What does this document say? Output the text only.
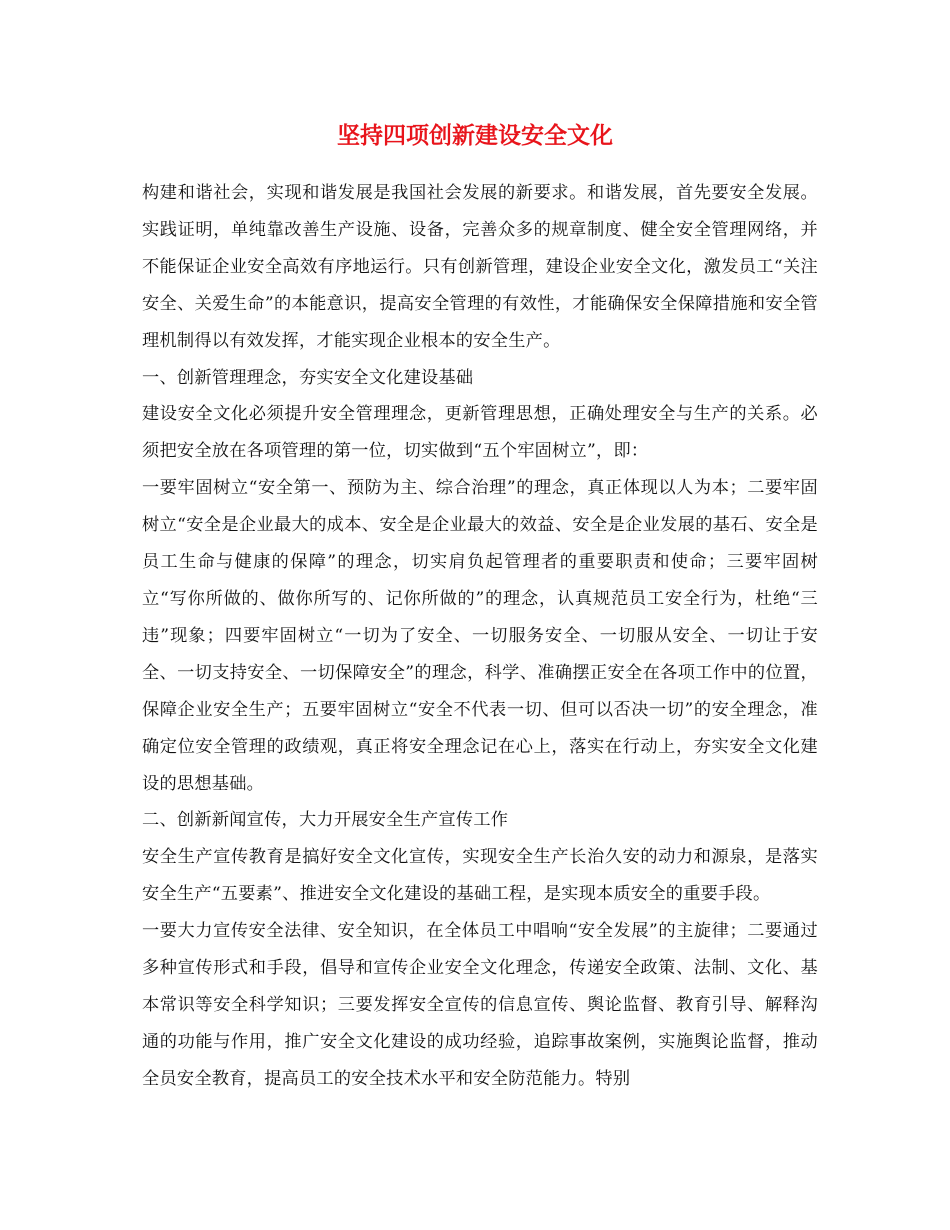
坚持四项创新建设安全文化

构建和谐社会，实现和谐发展是我国社会发展的新要求。和谐发展，首先要安全发展。实践证明，单纯靠改善生产设施、设备，完善众多的规章制度、健全安全管理网络，并不能保证企业安全高效有序地运行。只有创新管理，建设企业安全文化，激发员工“关注安全、关爱生命”的本能意识，提高安全管理的有效性，才能确保安全保障措施和安全管理机制得以有效发挥，才能实现企业根本的安全生产。

一、创新管理理念，夯实安全文化建设基础

建设安全文化必须提升安全管理理念，更新管理思想，正确处理安全与生产的关系。必须把安全放在各项管理的第一位，切实做到“五个牢固树立”，即：

一要牢固树立“安全第一、预防为主、综合治理”的理念，真正体现以人为本；二要牢固树立“安全是企业最大的成本、安全是企业最大的效益、安全是企业发展的基石、安全是员工生命与健康的保障”的理念，切实肩负起管理者的重要职责和使命；三要牢固树立“写你所做的、做你所写的、记你所做的”的理念，认真规范员工安全行为，杜绝“三违”现象；四要牢固树立“一切为了安全、一切服务安全、一切服从安全、一切让于安全、一切支持安全、一切保障安全”的理念，科学、准确摆正安全在各项工作中的位置，保障企业安全生产；五要牢固树立“安全不代表一切、但可以否决一切”的安全理念，准确定位安全管理的政绩观，真正将安全理念记在心上，落实在行动上，夯实安全文化建设的思想基础。

二、创新新闻宣传，大力开展安全生产宣传工作

安全生产宣传教育是搞好安全文化宣传，实现安全生产长治久安的动力和源泉，是落实安全生产“五要素”、推进安全文化建设的基础工程，是实现本质安全的重要手段。

一要大力宣传安全法律、安全知识，在全体员工中唱响“安全发展”的主旋律；二要通过多种宣传形式和手段，倡导和宣传企业安全文化理念，传递安全政策、法制、文化、基本常识等安全科学知识；三要发挥安全宣传的信息宣传、舆论监督、教育引导、解释沟通的功能与作用，推广安全文化建设的成功经验，追踪事故案例，实施舆论监督，推动全员安全教育，提高员工的安全技术水平和安全防范能力。特别
